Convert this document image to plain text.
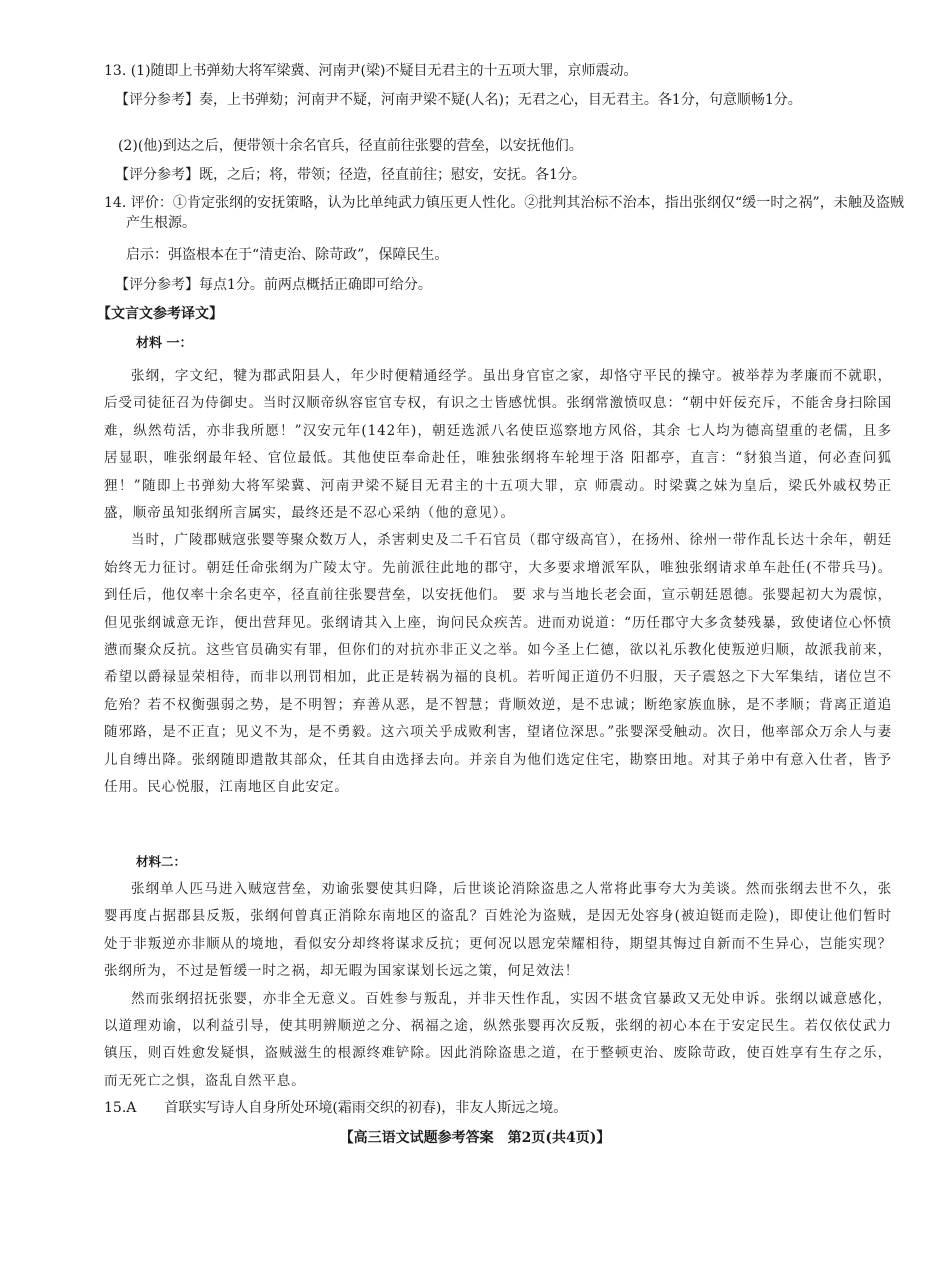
13. (1)随即上书弹劾大将军梁冀、河南尹(梁)不疑目无君主的十五项大罪，京师震动。
【评分参考】奏，上书弹劾；河南尹不疑，河南尹梁不疑(人名)；无君之心，目无君主。各1分，句意顺畅1分。
(2)(他)到达之后，便带领十余名官兵，径直前往张婴的营垒，以安抚他们。
【评分参考】既，之后；将，带领；径造，径直前往；慰安，安抚。各1分。
14. 评价：①肯定张纲的安抚策略，认为比单纯武力镇压更人性化。②批判其治标不治本，指出张纲仅“缓一时之祸”，未触及盗贼产生根源。
启示：弭盗根本在于“清吏治、除苛政”，保障民生。
【评分参考】每点1分。前两点概括正确即可给分。
【文言文参考译文】
材料 一：

张纲，字文纪，犍为郡武阳县人，年少时便精通经学。虽出身官宦之家，却恪守平民的操守。被举荐为孝廉而不就职，后受司徒征召为侍御史。当时汉顺帝纵容宦官专权，有识之士皆感忧惧。张纲常激愤叹息：“朝中奸佞充斥，不能舍身扫除国难，纵然苟活，亦非我所愿！”汉安元年(142年)，朝廷选派八名使臣巡察地方风俗，其余 七人均为德高望重的老儒，且多居显职，唯张纲最年轻、官位最低。其他使臣奉命赴任，唯独张纲将车轮埋于洛 阳都亭，直言：“豺狼当道，何必查问狐狸！”随即上书弹劾大将军梁冀、河南尹梁不疑目无君主的十五项大罪，京 师震动。时梁冀之妹为皇后，梁氏外戚权势正盛，顺帝虽知张纲所言属实，最终还是不忍心采纳（他的意见）。

当时，广陵郡贼寇张婴等聚众数万人，杀害刺史及二千石官员（郡守级高官），在扬州、徐州一带作乱长达十余年，朝廷始终无力征讨。朝廷任命张纲为广陵太守。先前派往此地的郡守，大多要求增派军队，唯独张纲请求单车赴任(不带兵马)。 到任后，他仅率十余名吏卒，径直前往张婴营垒，以安抚他们。 要 求与当地长老会面，宣示朝廷恩德。张婴起初大为震惊，但见张纲诚意无诈，便出营拜见。张纲请其入上座，询问民众疾苦。进而劝说道：“历任郡守大多贪婪残暴，致使诸位心怀愤懑而聚众反抗。这些官员确实有罪，但你们的对抗亦非正义之举。如今圣上仁德，欲以礼乐教化使叛逆归顺，故派我前来，希望以爵禄显荣相待，而非以刑罚相加，此正是转祸为福的良机。若听闻正道仍不归服，天子震怒之下大军集结，诸位岂不危殆？若不权衡强弱之势，是不明智；弃善从恶，是不智慧；背顺效逆，是不忠诚；断绝家族血脉，是不孝顺；背离正道追随邪路，是不正直；见义不为，是不勇毅。这六项关乎成败利害，望诸位深思。”张婴深受触动。次日，他率部众万余人与妻儿自缚出降。张纲随即遣散其部众，任其自由选择去向。并亲自为他们选定住宅，勘察田地。对其子弟中有意入仕者，皆予任用。民心悦服，江南地区自此安定。

材料二：

张纲单人匹马进入贼寇营垒，劝谕张婴使其归降，后世谈论消除盗患之人常将此事夸大为美谈。然而张纲去世不久，张婴再度占据郡县反叛，张纲何曾真正消除东南地区的盗乱？百姓沦为盗贼，是因无处容身(被迫铤而走险)，即使让他们暂时处于非叛逆亦非顺从的境地，看似安分却终将谋求反抗；更何况以恩宠荣耀相待，期望其悔过自新而不生异心，岂能实现？张纲所为，不过是暂缓一时之祸，却无暇为国家谋划长远之策，何足效法！

然而张纲招抚张婴，亦非全无意义。百姓参与叛乱，并非天性作乱，实因不堪贪官暴政又无处申诉。张纲以诚意感化，以道理劝谕，以利益引导，使其明辨顺逆之分、祸福之途，纵然张婴再次反叛，张纲的初心本在于安定民生。若仅依仗武力镇压，则百姓愈发疑惧，盗贼滋生的根源终难铲除。因此消除盗患之道，在于整顿吏治、废除苛政，使百姓享有生存之乐，而无死亡之惧，盗乱自然平息。

15.A　　首联实写诗人自身所处环境(霜雨交织的初春)，非友人斯远之境。
【高三语文试题参考答案　第2页(共4页)】
